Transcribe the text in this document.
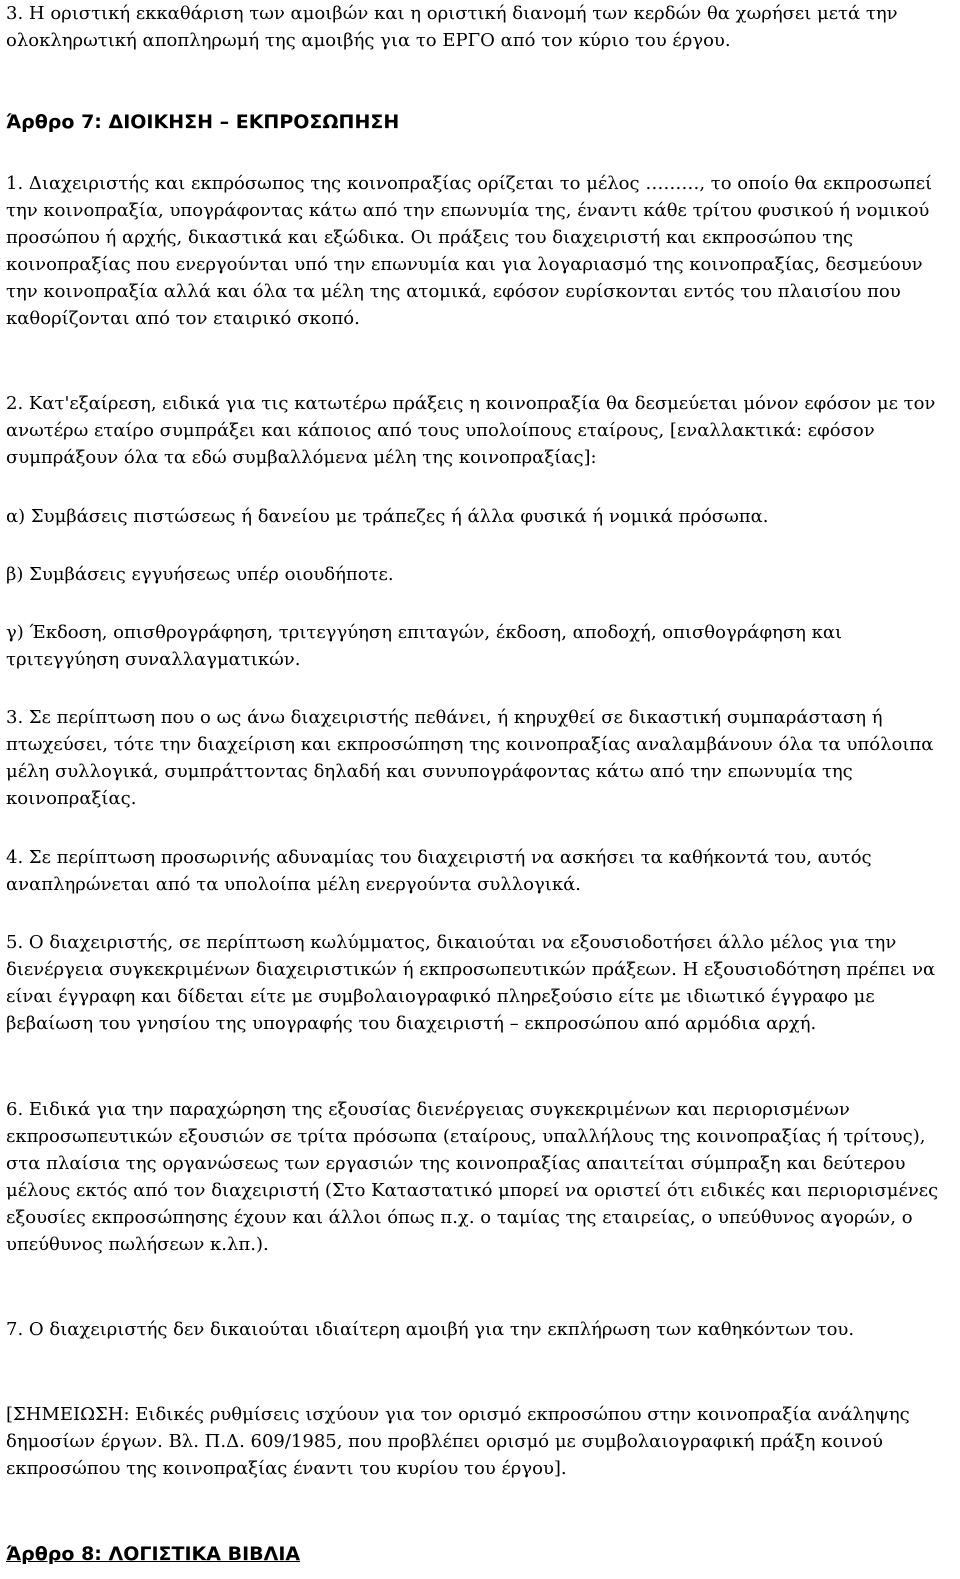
3. Η οριστική εκκαθάριση των αμοιβών και η οριστική διανομή των κερδών θα χωρήσει μετά την ολοκληρωτική αποπληρωμή της αμοιβής για το ΕΡΓΟ από τον κύριο του έργου.

Άρθρο 7: ΔΙΟΙΚΗΣΗ – ΕΚΠΡΟΣΩΠΗΣΗ

1. Διαχειριστής και εκπρόσωπος της κοινοπραξίας ορίζεται το μέλος ………, το οποίο θα εκπροσωπεί την κοινοπραξία, υπογράφοντας κάτω από την επωνυμία της, έναντι κάθε τρίτου φυσικού ή νομικού προσώπου ή αρχής, δικαστικά και εξώδικα. Οι πράξεις του διαχειριστή και εκπροσώπου της κοινοπραξίας που ενεργούνται υπό την επωνυμία και για λογαριασμό της κοινοπραξίας, δεσμεύουν την κοινοπραξία αλλά και όλα τα μέλη της ατομικά, εφόσον ευρίσκονται εντός του πλαισίου που καθορίζονται από τον εταιρικό σκοπό.

2. Κατ'εξαίρεση, ειδικά για τις κατωτέρω πράξεις η κοινοπραξία θα δεσμεύεται μόνον εφόσον με τον ανωτέρω εταίρο συμπράξει και κάποιος από τους υπολοίπους εταίρους, [εναλλακτικά: εφόσον συμπράξουν όλα τα εδώ συμβαλλόμενα μέλη της κοινοπραξίας]:

α) Συμβάσεις πιστώσεως ή δανείου με τράπεζες ή άλλα φυσικά ή νομικά πρόσωπα.

β) Συμβάσεις εγγυήσεως υπέρ οιουδήποτε.

γ) Έκδοση, οπισθρογράφηση, τριτεγγύηση επιταγών, έκδοση, αποδοχή, οπισθογράφηση και τριτεγγύηση συναλλαγματικών.

3. Σε περίπτωση που ο ως άνω διαχειριστής πεθάνει, ή κηρυχθεί σε δικαστική συμπαράσταση ή πτωχεύσει, τότε την διαχείριση και εκπροσώπηση της κοινοπραξίας αναλαμβάνουν όλα τα υπόλοιπα μέλη συλλογικά, συμπράττοντας δηλαδή και συνυπογράφοντας κάτω από την επωνυμία της κοινοπραξίας.

4. Σε περίπτωση προσωρινής αδυναμίας του διαχειριστή να ασκήσει τα καθήκοντά του, αυτός αναπληρώνεται από τα υπολοίπα μέλη ενεργούντα συλλογικά.

5. Ο διαχειριστής, σε περίπτωση κωλύμματος, δικαιούται να εξουσιοδοτήσει άλλο μέλος για την διενέργεια συγκεκριμένων διαχειριστικών ή εκπροσωπευτικών πράξεων. Η εξουσιοδότηση πρέπει να είναι έγγραφη και δίδεται είτε με συμβολαιογραφικό πληρεξούσιο είτε με ιδιωτικό έγγραφο με βεβαίωση του γνησίου της υπογραφής του διαχειριστή – εκπροσώπου από αρμόδια αρχή.

6. Ειδικά για την παραχώρηση της εξουσίας διενέργειας συγκεκριμένων και περιορισμένων εκπροσωπευτικών εξουσιών σε τρίτα πρόσωπα (εταίρους, υπαλλήλους της κοινοπραξίας ή τρίτους), στα πλαίσια της οργανώσεως των εργασιών της κοινοπραξίας απαιτείται σύμπραξη και δεύτερου μέλους εκτός από τον διαχειριστή (Στο Καταστατικό μπορεί να οριστεί ότι ειδικές και περιορισμένες εξουσίες εκπροσώπησης έχουν και άλλοι όπως π.χ. ο ταμίας της εταιρείας, ο υπεύθυνος αγορών, ο υπεύθυνος πωλήσεων κ.λπ.).

7. Ο διαχειριστής δεν δικαιούται ιδιαίτερη αμοιβή για την εκπλήρωση των καθηκόντων του.

[ΣΗΜΕΙΩΣΗ: Ειδικές ρυθμίσεις ισχύουν για τον ορισμό εκπροσώπου στην κοινοπραξία ανάληψης δημοσίων έργων. Βλ. Π.Δ. 609/1985, που προβλέπει ορισμό με συμβολαιογραφική πράξη κοινού εκπροσώπου της κοινοπραξίας έναντι του κυρίου του έργου].

Άρθρο 8: ΛΟΓΙΣΤΙΚΑ ΒΙΒΛΙΑ
